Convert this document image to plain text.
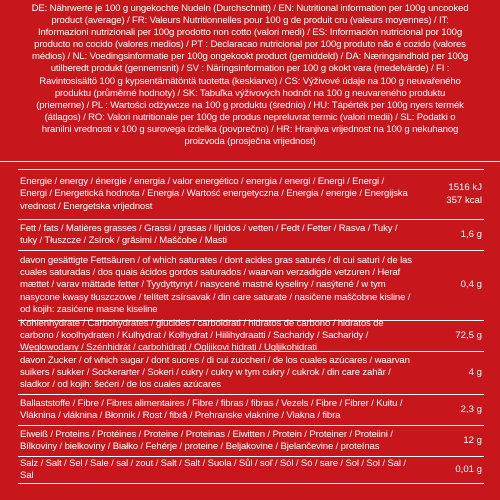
DE: Nährwerte je 100 g ungekochte Nudeln (Durchschnitt) / EN: Nutritional information per 100g uncooked product (average) / FR: Valeurs Nutritionnelles pour 100 g de produit cru (valeurs moyennes) / IT: Informazioni nutrizionali per 100g prodotto non cotto (valori medi) / ES: Información nutricional por 100g producto no cocido (valores medios) / PT : Declaracao nutricional por 100g produto não é cozido (valores médios) / NL: Voedingsinformatie per 100g ongekookt product (gemiddeld) / DA: Næringsindhold per 100g utilberedt produkt (gennemsnit) / SV : Näringsinformation per 100 g okokt vara (medelvärde) / FI : Ravintosisältö 100 g kypsentämätöntä tuotetta (keskiarvo) / CS: Výživové údaje na 100 g neuvařeného produktu (průměrné hodnoty) / SK: Tabuľka výživových hodnôt na 100 g neuvareného produktu (priemerne) / PL : Wartości odżywcze na 100 g produktu (średnio) / HU: Tápérték per 100g nyers termék (átlagos) / RO: Valori nutritionale per 100g de produs nepreluvrat termic (valori medii) / SL: Podatki o hranilni vrednosti v 100 g surovega izdelka (povprečno) / HR: Hranjiva vrijednost na 100 g nekuhanog proizvoda (prosječna vrijednost)
Energie / energy / énergie / energia / valor energético / energia / energi / Energi / Energi / Energi / Energetická hodnota / Energia / Wartość energetyczna / Energia / energie / Energijska vrednost / Energetska vrijednost
1516 kJ
357 kcal
Fett / fats / Matières grasses / Grassi / grasas / lípidos / vetten / Fedt / Fetter / Rasva / Tuky / tuky / Tłuszcze / Zsírok / grăsimi / Maščobe / Masti
1,6 g
davon gesättigte Fettsäuren / of which saturates / dont acides gras saturés / di cui saturi / de las cuales saturadas / dos quais ácidos gordos saturados / waarvan verzadigde vetzuren / Heraf mættet / varav mättade fetter / Tyydyttynyt / nasycené mastné kyseliny / nasýtené / w tym nasycone kwasy tłuszczowe / telített zsírsavak / din care saturate / nasičene maščobne kisline / od kojih: zasićene masne kiseline
0,4 g
Kohlenhydrate / Carbohydrates / glucides / carboidrati / hidratos de carbono / hidratos de carbono / koolhydraten / Kulhydrat / Kolhydrat / Hiilihydraatti / Sacharidy / Sacharidy / Węglowodany / Szénhidrát / carbohidrați / Ogljikovi hidrati / Ugljikohidrati
72,5 g
davon Zucker / of which sugar / dont sucres / di cui zuccheri / de los cuales azúcares / waarvan suikers / sukker / Sockerarter / Sokeri / cukry / cukry w tym cukry / cukrok / din care zahăr / sladkor / od kojih: šećeri / de los cuales azúcares
4 g
Ballaststoffe / Fibre / Fibres alimentaires / Fibre / fibras / fibras / Vezels / Fibre / Fibrer / Kuitu / Vláknina / vláknina / Błonnik / Rost / fibră / Prehranske vlaknine / Vlakna / fibra
2,3 g
Eiweiß / Proteins / Protéines / Proteine / Proteinas / Eiwitten / Protein / Proteiner / Proteiini / Bílkoviny / bielkoviny / Białko / Fehérje / proteine / Beljakovine / Bjelančevine / proteínas
12 g
Salz / Salt / Sel / Sale / sal / zout / Salt / Salt / Suola / Sůl / soľ / Sól / Só / sare / Sol / Sol / Sal / Sal
0,01 g
